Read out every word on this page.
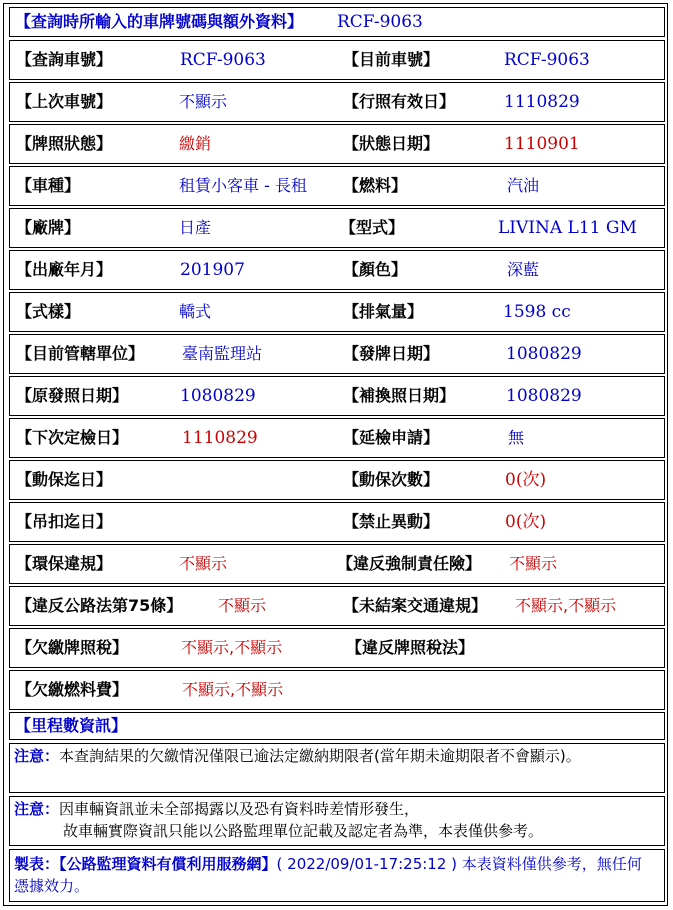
【查詢時所輸入的車牌號碼與額外資料】 RCF-9063
【查詢車號】	RCF-9063	【目前車號】	RCF-9063
【上次車號】	不顯示	【行照有效日】	1110829
【牌照狀態】	繳銷	【狀態日期】	1110901
【車種】	租賃小客車 - 長租 【燃料】	汽油
【廠牌】	日產	【型式】	LIVINA L11 GM
【出廠年月】	201907	【顏色】	深藍
【式樣】	轎式	【排氣量】	1598 cc
【目前管轄單位】 臺南監理站	【發牌日期】	1080829
【原發照日期】	1080829	【補換照日期】	1080829
【下次定檢日】	1110829	【延檢申請】	無
【動保迄日】	【動保次數】	0(次)
【吊扣迄日】	【禁止異動】	0(次)
【環保違規】	不顯示	【違反強制責任險】 不顯示
【違反公路法第75條】 不顯示	【未結案交通違規】 不顯示,不顯示
【欠繳牌照稅】	不顯示,不顯示	【違反牌照稅法】
【欠繳燃料費】	不顯示,不顯示
【里程數資訊】
注意：本查詢結果的欠繳情況僅限已逾法定繳納期限者(當年期未逾期限者不會顯示)。
注意：因車輛資訊並未全部揭露以及恐有資料時差情形發生，
故車輛實際資訊只能以公路監理單位記載及認定者為準，本表僅供參考。
製表：【公路監理資料有償利用服務網】( 2022/09/01-17:25:12 ) 本表資料僅供參考，無任何憑據效力。
